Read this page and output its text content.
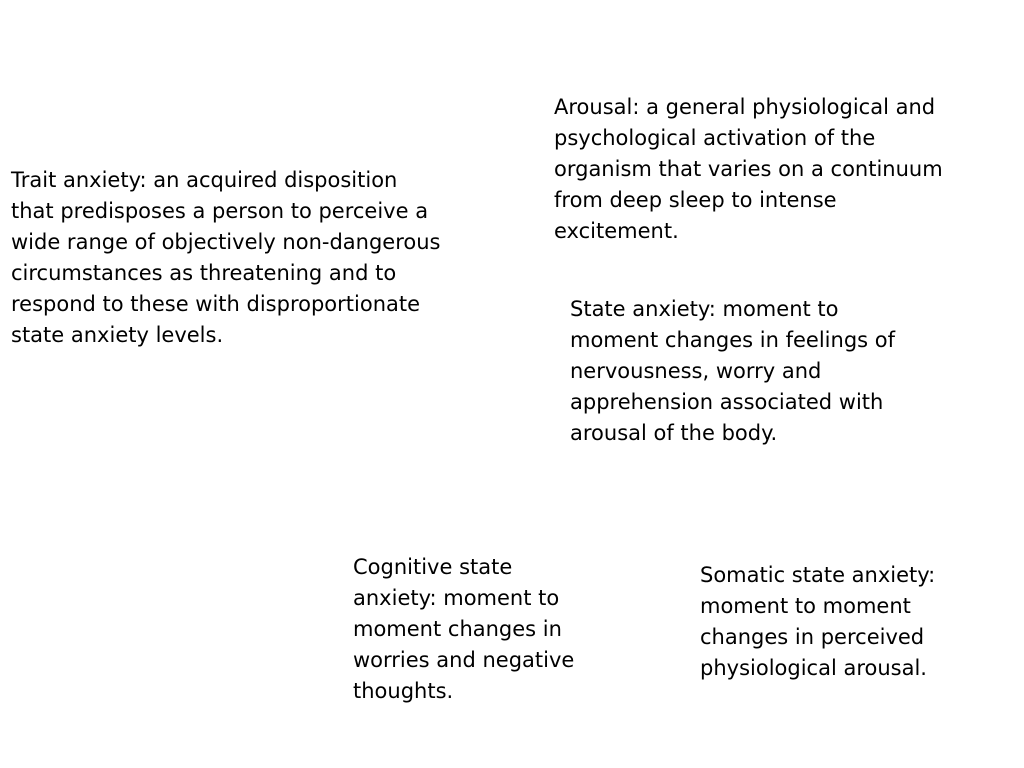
Trait anxiety: an acquired disposition that predisposes a person to perceive a wide range of objectively non-dangerous circumstances as threatening and to respond to these with disproportionate state anxiety levels.

Arousal: a general physiological and psychological activation of the organism that varies on a continuum from deep sleep to intense excitement.

State anxiety: moment to moment changes in feelings of nervousness, worry and apprehension associated with arousal of the body.

Cognitive state anxiety: moment to moment changes in worries and negative thoughts.

Somatic state anxiety: moment to moment changes in perceived physiological arousal.
